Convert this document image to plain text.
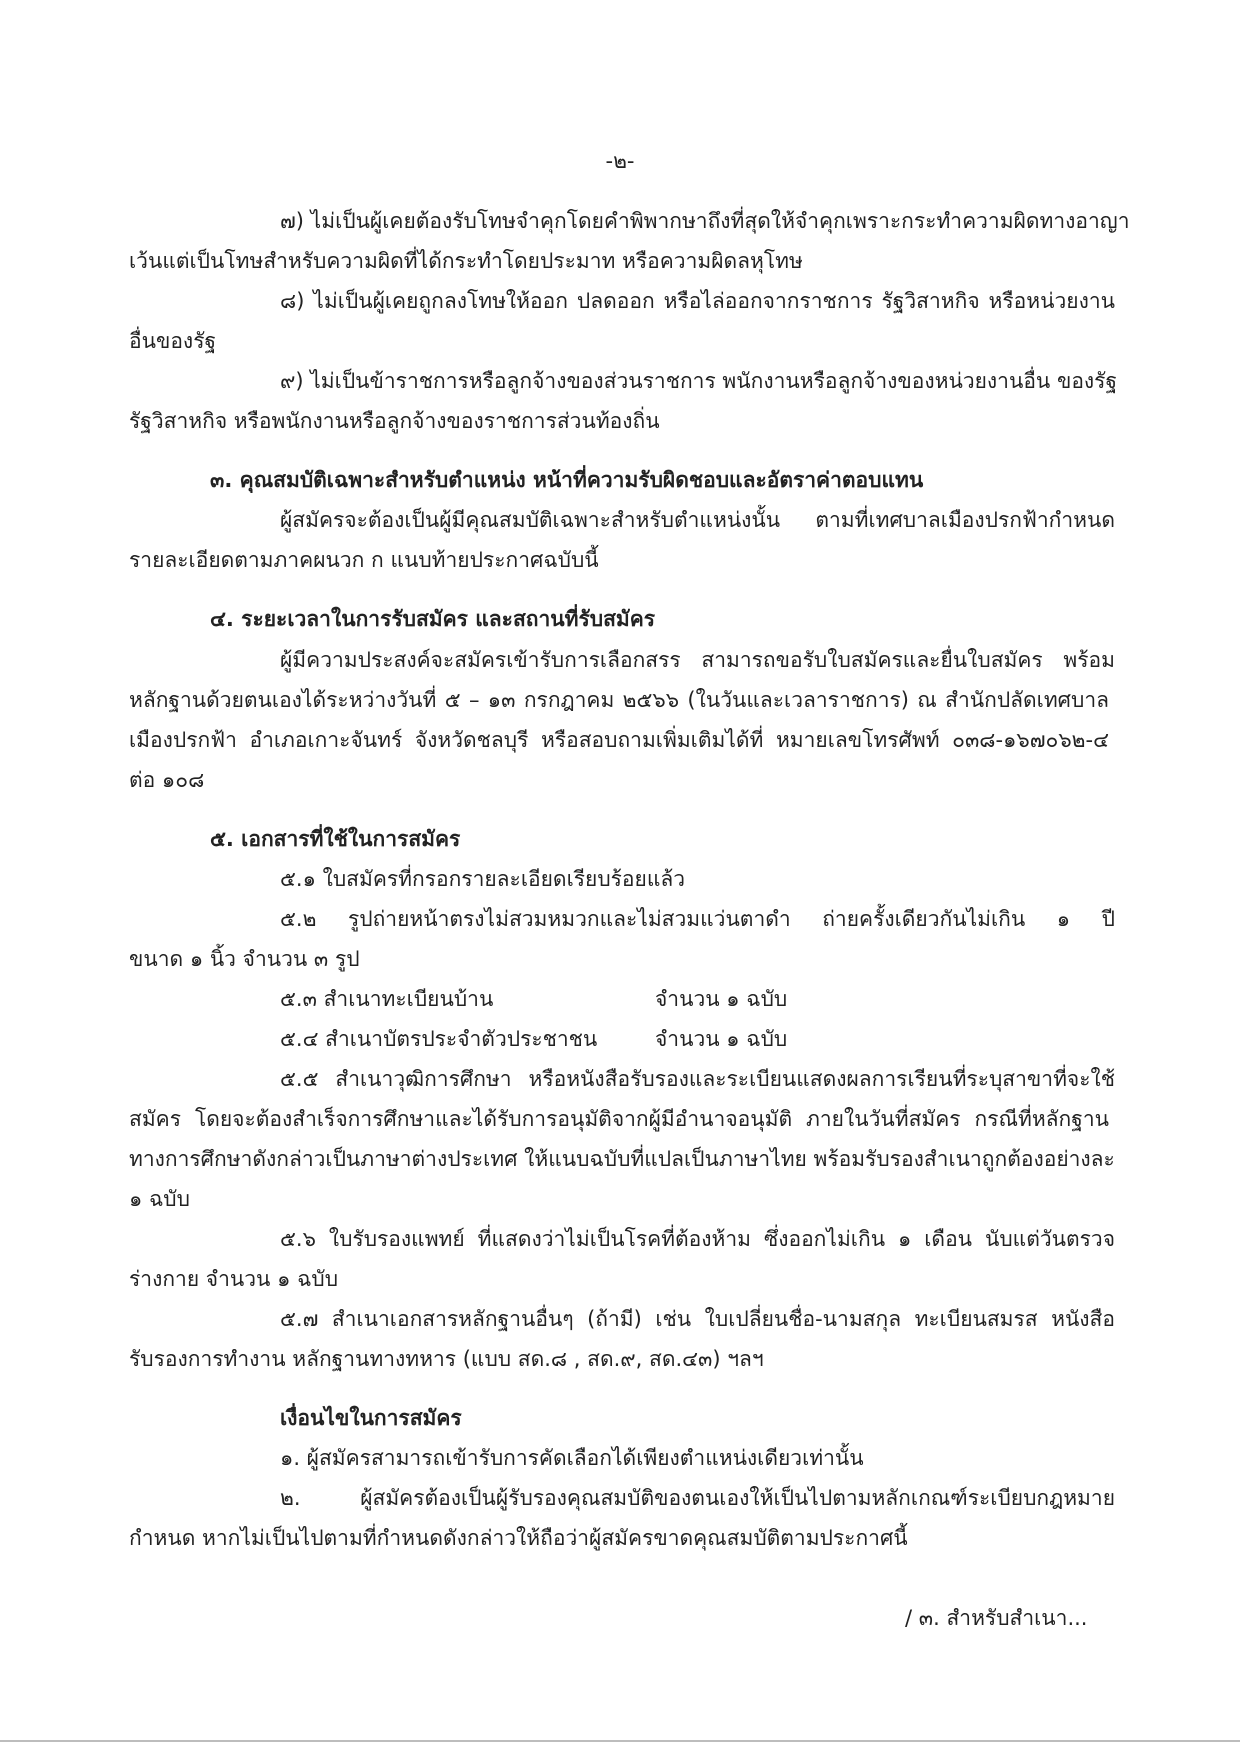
-๒-
๗) ไม่เป็นผู้เคยต้องรับโทษจำคุกโดยคำพิพากษาถึงที่สุดให้จำคุกเพราะกระทำความผิดทางอาญา
เว้นแต่เป็นโทษสำหรับความผิดที่ได้กระทำโดยประมาท หรือความผิดลหุโทษ
๘) ไม่เป็นผู้เคยถูกลงโทษให้ออก ปลดออก หรือไล่ออกจากราชการ รัฐวิสาหกิจ หรือหน่วยงาน
อื่นของรัฐ
๙) ไม่เป็นข้าราชการหรือลูกจ้างของส่วนราชการ พนักงานหรือลูกจ้างของหน่วยงานอื่น ของรัฐ
รัฐวิสาหกิจ หรือพนักงานหรือลูกจ้างของราชการส่วนท้องถิ่น
๓. คุณสมบัติเฉพาะสำหรับตำแหน่ง หน้าที่ความรับผิดชอบและอัตราค่าตอบแทน
ผู้สมัครจะต้องเป็นผู้มีคุณสมบัติเฉพาะสำหรับตำแหน่งนั้น ตามที่เทศบาลเมืองปรกฟ้ากำหนด
รายละเอียดตามภาคผนวก ก แนบท้ายประกาศฉบับนี้
๔. ระยะเวลาในการรับสมัคร และสถานที่รับสมัคร
ผู้มีความประสงค์จะสมัครเข้ารับการเลือกสรร สามารถขอรับใบสมัครและยื่นใบสมัคร พร้อม
หลักฐานด้วยตนเองได้ระหว่างวันที่ ๕ – ๑๓ กรกฎาคม ๒๕๖๖ (ในวันและเวลาราชการ) ณ สำนักปลัดเทศบาล
เมืองปรกฟ้า อำเภอเกาะจันทร์ จังหวัดชลบุรี หรือสอบถามเพิ่มเติมได้ที่ หมายเลขโทรศัพท์ ๐๓๘-๑๖๗๐๖๒-๔
ต่อ ๑๐๘
๕. เอกสารที่ใช้ในการสมัคร
๕.๑ ใบสมัครที่กรอกรายละเอียดเรียบร้อยแล้ว
๕.๒ รูปถ่ายหน้าตรงไม่สวมหมวกและไม่สวมแว่นตาดำ ถ่ายครั้งเดียวกันไม่เกิน ๑ ปี
ขนาด ๑ นิ้ว จำนวน ๓ รูป
๕.๓ สำเนาทะเบียนบ้าน	จำนวน ๑ ฉบับ
๕.๔ สำเนาบัตรประจำตัวประชาชน	จำนวน ๑ ฉบับ
๕.๕ สำเนาวุฒิการศึกษา หรือหนังสือรับรองและระเบียนแสดงผลการเรียนที่ระบุสาขาที่จะใช้
สมัคร โดยจะต้องสำเร็จการศึกษาและได้รับการอนุมัติจากผู้มีอำนาจอนุมัติ ภายในวันที่สมัคร กรณีที่หลักฐาน
ทางการศึกษาดังกล่าวเป็นภาษาต่างประเทศ ให้แนบฉบับที่แปลเป็นภาษาไทย พร้อมรับรองสำเนาถูกต้องอย่างละ
๑ ฉบับ
๕.๖ ใบรับรองแพทย์ ที่แสดงว่าไม่เป็นโรคที่ต้องห้าม ซึ่งออกไม่เกิน ๑ เดือน นับแต่วันตรวจ
ร่างกาย จำนวน ๑ ฉบับ
๕.๗ สำเนาเอกสารหลักฐานอื่นๆ (ถ้ามี) เช่น ใบเปลี่ยนชื่อ-นามสกุล ทะเบียนสมรส หนังสือ
รับรองการทำงาน หลักฐานทางทหาร (แบบ สด.๘ , สด.๙, สด.๔๓) ฯลฯ
เงื่อนไขในการสมัคร
๑. ผู้สมัครสามารถเข้ารับการคัดเลือกได้เพียงตำแหน่งเดียวเท่านั้น
๒. ผู้สมัครต้องเป็นผู้รับรองคุณสมบัติของตนเองให้เป็นไปตามหลักเกณฑ์ระเบียบกฎหมาย
กำหนด หากไม่เป็นไปตามที่กำหนดดังกล่าวให้ถือว่าผู้สมัครขาดคุณสมบัติตามประกาศนี้
/ ๓. สำหรับสำเนา...
